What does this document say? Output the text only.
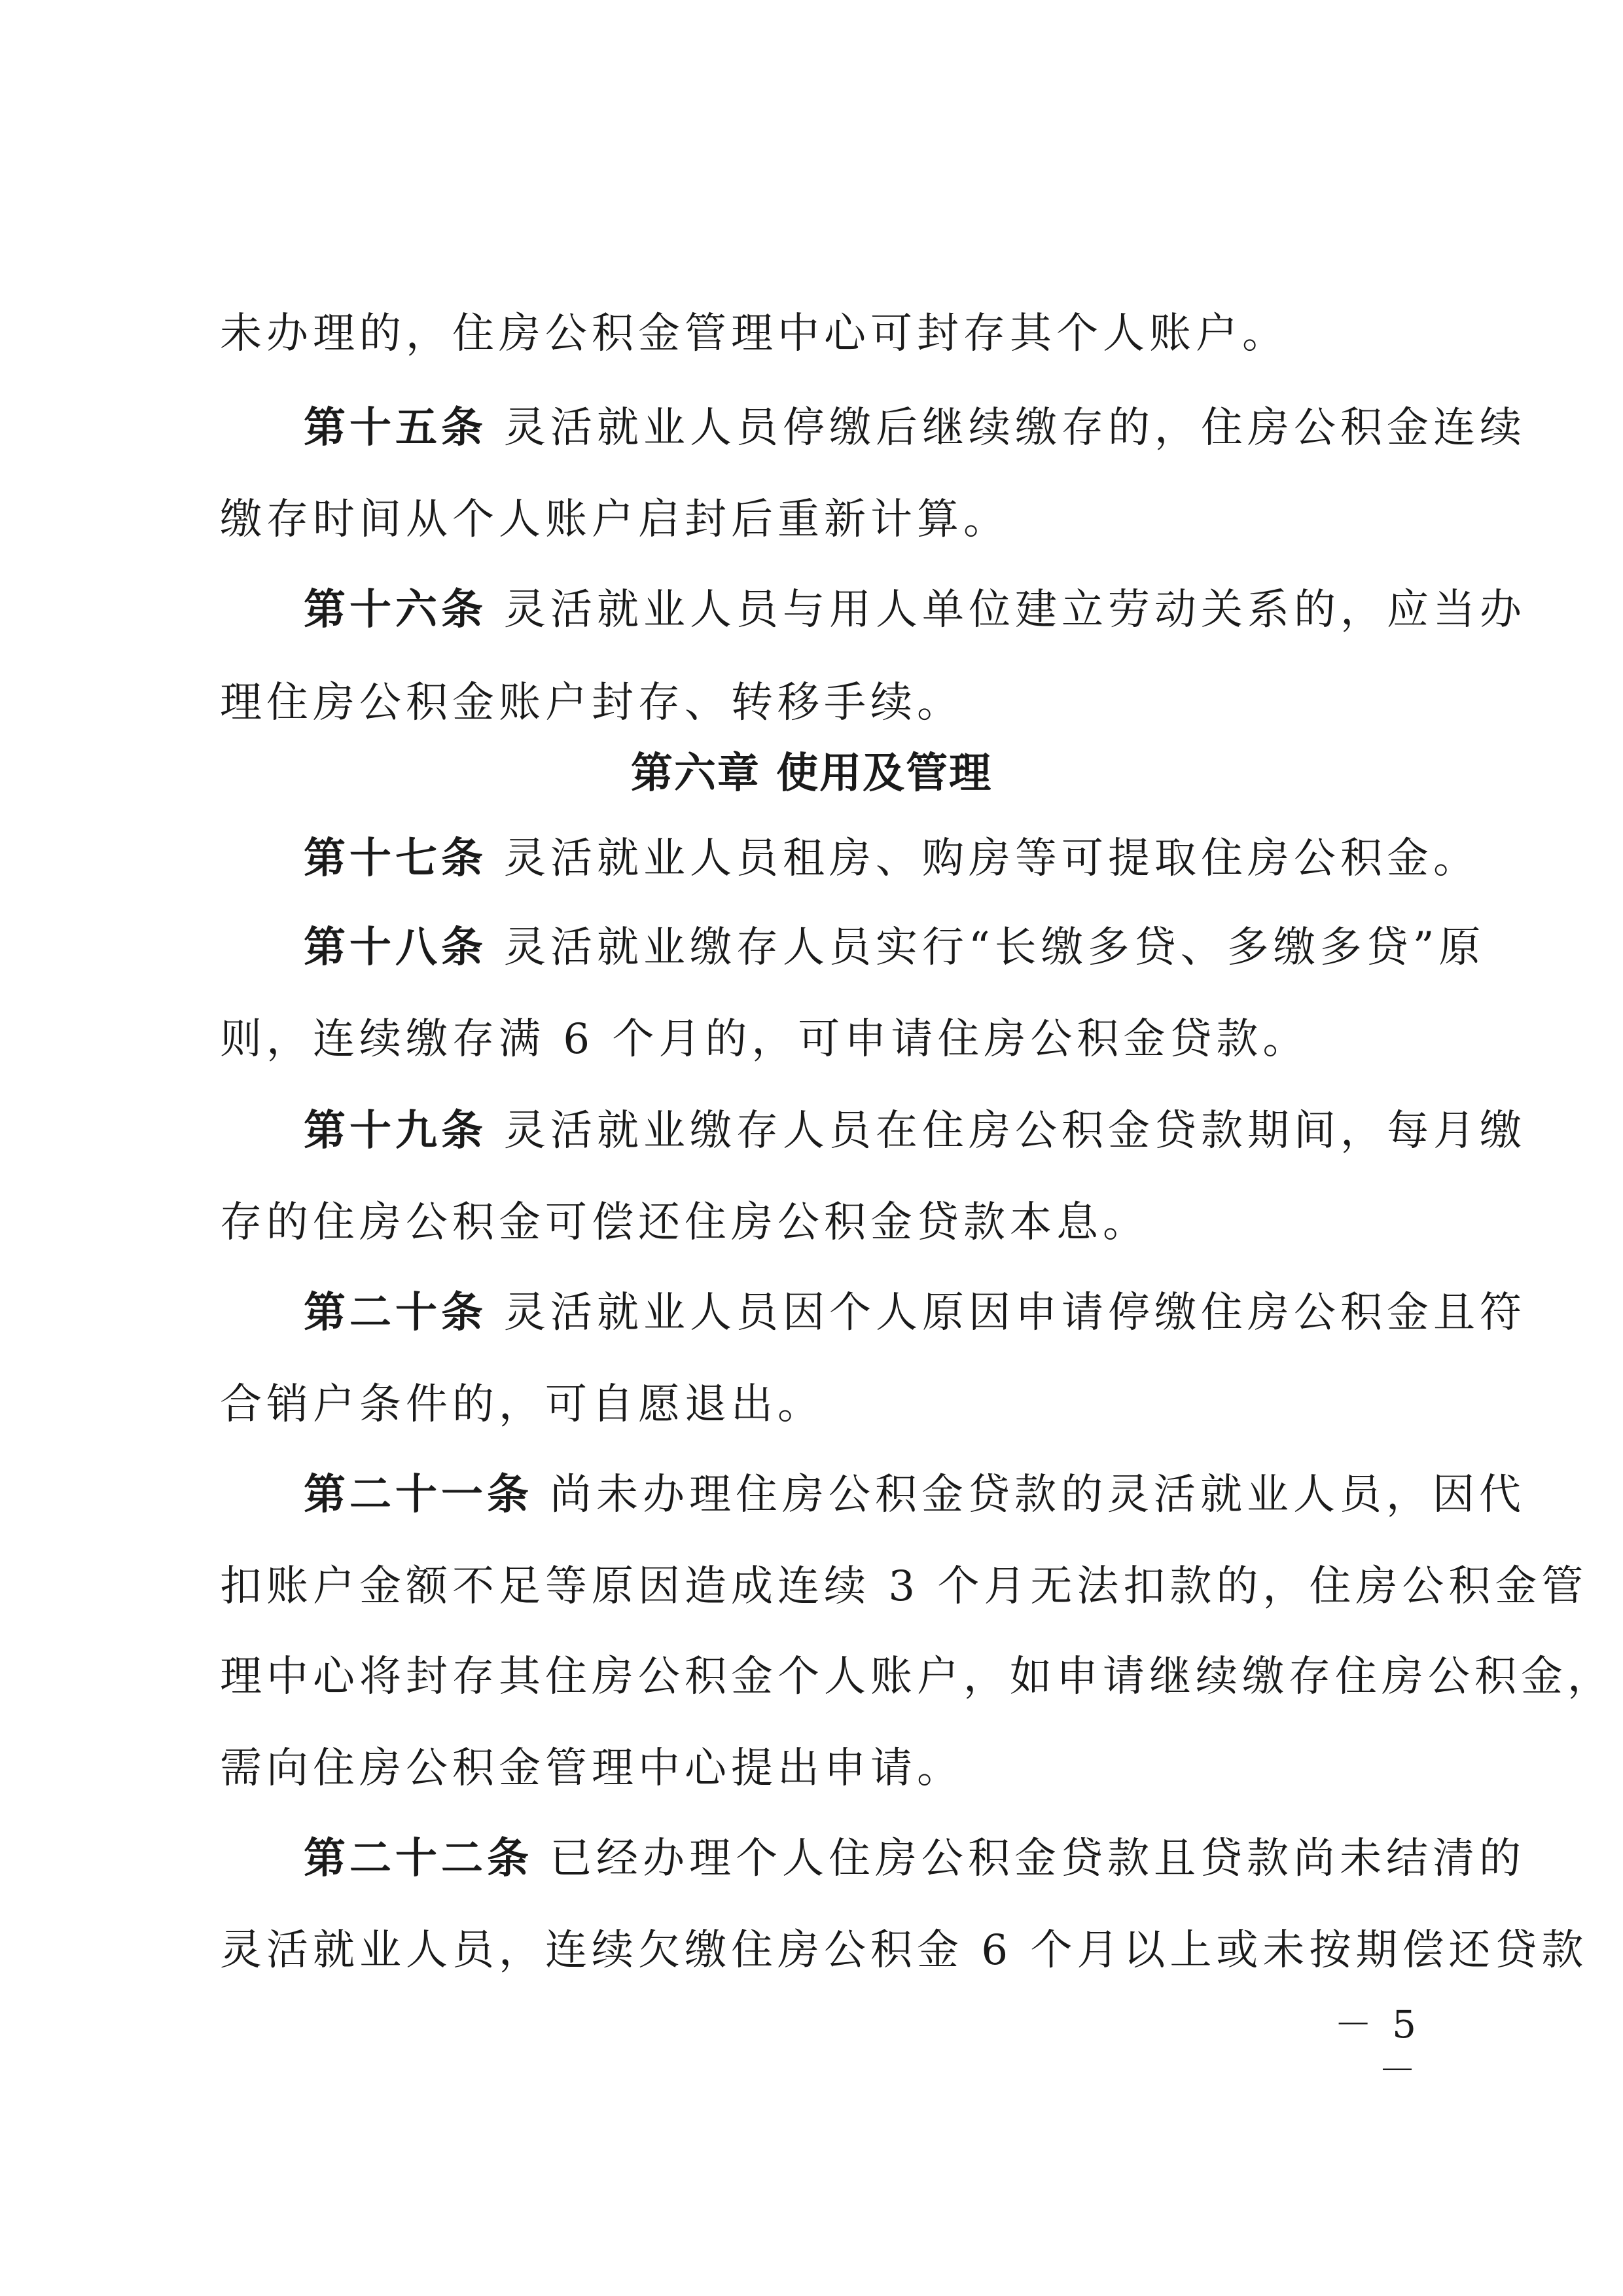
未办理的，住房公积金管理中心可封存其个人账户。
第十五条 灵活就业人员停缴后继续缴存的，住房公积金连续
缴存时间从个人账户启封后重新计算。
第十六条 灵活就业人员与用人单位建立劳动关系的，应当办
理住房公积金账户封存、转移手续。
第六章 使用及管理
第十七条 灵活就业人员租房、购房等可提取住房公积金。
第十八条 灵活就业缴存人员实行“长缴多贷、多缴多贷”原
则，连续缴存满 6 个月的，可申请住房公积金贷款。
第十九条 灵活就业缴存人员在住房公积金贷款期间，每月缴
存的住房公积金可偿还住房公积金贷款本息。
第二十条 灵活就业人员因个人原因申请停缴住房公积金且符
合销户条件的，可自愿退出。
第二十一条 尚未办理住房公积金贷款的灵活就业人员，因代
扣账户金额不足等原因造成连续 3 个月无法扣款的，住房公积金管
理中心将封存其住房公积金个人账户，如申请继续缴存住房公积金，
需向住房公积金管理中心提出申请。
第二十二条 已经办理个人住房公积金贷款且贷款尚未结清的
灵活就业人员，连续欠缴住房公积金 6 个月以上或未按期偿还贷款
－ 5 －
